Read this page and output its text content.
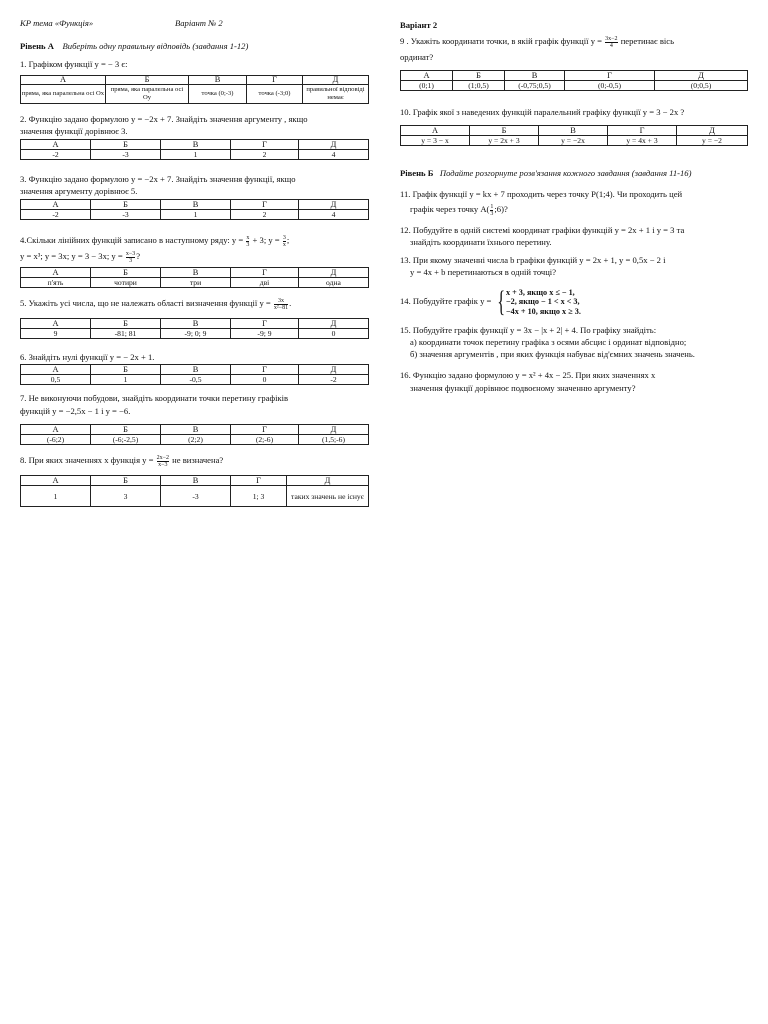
КР тема «Функція»	Варіант № 2
Рівень А Виберіть одну правильну відповідь (завдання 1-12)
1. Графіком функції y = − 3 є:
А	Б	В	Г	Д
пряма, яка паралельна осі Ox	пряма, яка паралельна осі Oy	точка (0;-3)	точка (-3;0)	правильної відповіді немає
2. Функцію задано формулою y = −2x + 7. Знайдіть значення аргументу , якщо
значення функції дорівнює 3.
А	Б	В	Г	Д
-2	-3	1	2	4
3. Функцію задано формулою y = −2x + 7. Знайдіть значення функції, якщо
значення аргументу дорівнює 5.
А	Б	В	Г	Д
-2	-3	1	2	4
4.Скільки лінійних функцій записано в наступному ряду: $y = \frac{x}{3} + 3$; $y = \frac{3}{x}$ ;
y = x³; y = 3x; y = 3 − 3x; $y = \frac{x-3}{3}$ ?
А	Б	В	Г	Д
п'ять	чотири	три	дві	одна
5. Укажіть усі числа, що не належать області визначення функції $y = \frac{3x}{\text{x²−81}}$ .
А	Б	В	Г	Д
9	-81; 81	-9; 0; 9	-9; 9	0
6. Знайдіть нулі функції y = − 2x + 1.
А	Б	В	Г	Д
0,5	1	-0,5	0	-2
7. Не виконуючи побудови, знайдіть координати точки перетину графіків
функцій y = −2,5x − 1 і y = −6.
А	Б	В	Г	Д
(-6;2)	(-6;-2,5)	(2;2)	(2;-6)	(1,5;-6)
8. При яких значеннях x функція $y = \frac{2x-2}{x-3}$ не визначена?
А	Б	В	Г	Д
1	3	-3	1; 3	таких значень не існує
Варіант 2
9 . Укажіть координати точки, в якій графік функції $y = \frac{3x-2}{4}$ перетинає вісь
ординат?
А	Б	В	Г	Д
(0;1)	(1;0,5)	(-0,75;0,5)	(0;-0,5)	(0;0,5)
10. Графік якої з наведених функцій паралельний графіку функції y = 3 − 2x ?
А	Б	В	Г	Д
y = 3 − x	y = 2x + 3	y = −2x	y = 4x + 3	y = −2
Рівень Б Подайте розгорнуте розв'язання кожного завдання (завдання 11-16)
11. Графік функції y = kx + 7 проходить через точку P(1;4). Чи проходить цей
графік через точку $A( \frac{1}{3}$ ;6)?
12. Побудуйте в одній системі координат графіки функцій y = 2x + 1 і y = 3 та
знайдіть координати їхнього перетину.
13. При якому значенні числа b графіки функцій y = 2x + 1, y = 0,5x − 2 і
y = 4x + b перетинаються в одній точці?
14. Побудуйте графік y = { x + 3, якщо x ≤ − 1,
−2, якщо − 1 < x < 3,
−4x + 10, якщо x ≥ 3.
15. Побудуйте графік функції y = 3x − |x + 2| + 4. По графіку знайдіть:
а) координати точок перетину графіка з осями абсцис і ординат відповідно;
б) значення аргументів , при яких функція набуває від'ємних значень значень.
16. Функцію задано формулою y = x² + 4x − 25. При яких значеннях x
значення функції дорівнює подвоєному значенню аргументу?
